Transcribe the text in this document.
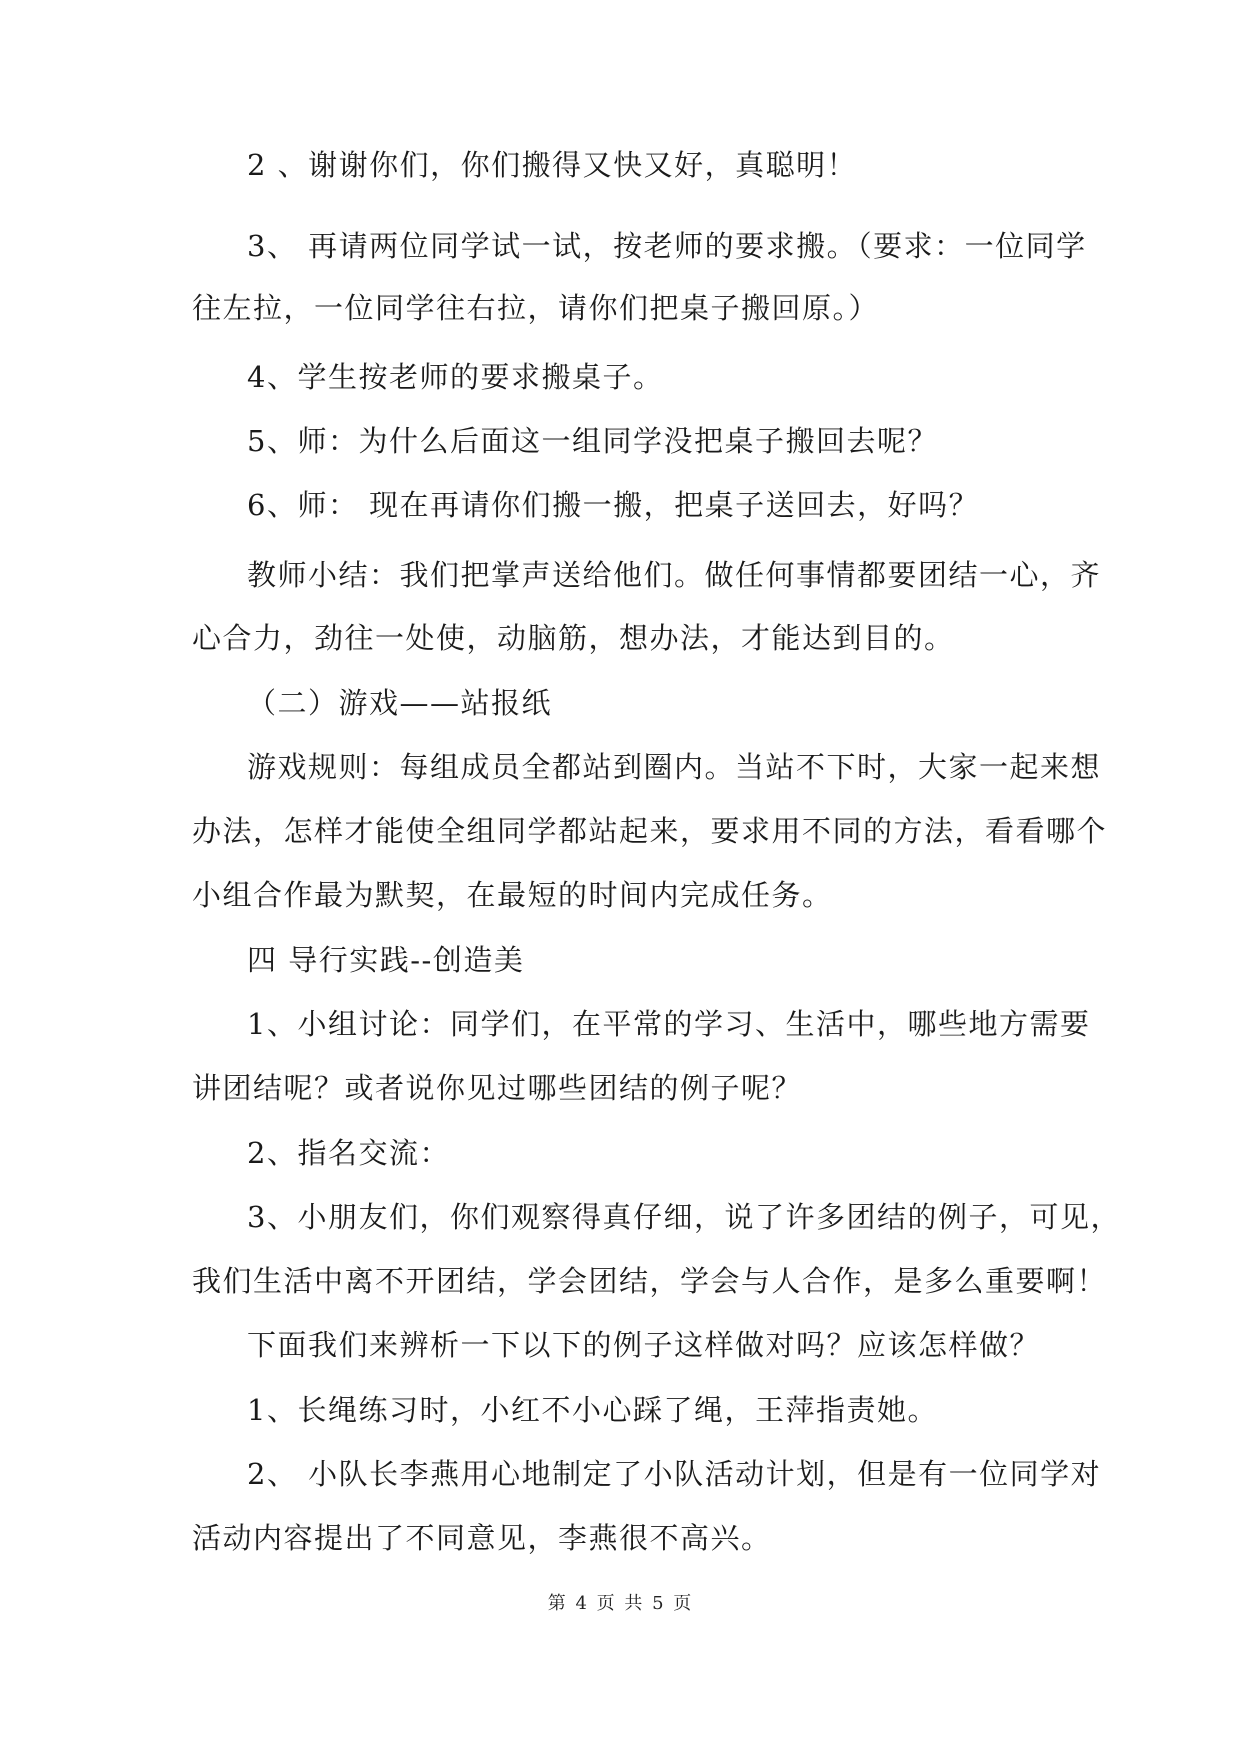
2 、谢谢你们，你们搬得又快又好，真聪明！
3、 再请两位同学试一试，按老师的要求搬。（要求：一位同学
往左拉，一位同学往右拉，请你们把桌子搬回原。）
4、学生按老师的要求搬桌子。
5、师：为什么后面这一组同学没把桌子搬回去呢？
6、师： 现在再请你们搬一搬，把桌子送回去，好吗？
教师小结：我们把掌声送给他们。做任何事情都要团结一心，齐
心合力，劲往一处使，动脑筋，想办法，才能达到目的。
（二）游戏——站报纸
游戏规则：每组成员全都站到圈内。当站不下时，大家一起来想
办法，怎样才能使全组同学都站起来，要求用不同的方法，看看哪个
小组合作最为默契，在最短的时间内完成任务。
四 导行实践--创造美
1、小组讨论：同学们，在平常的学习、生活中，哪些地方需要
讲团结呢？或者说你见过哪些团结的例子呢？
2、指名交流：
3、小朋友们，你们观察得真仔细，说了许多团结的例子，可见，
我们生活中离不开团结，学会团结，学会与人合作，是多么重要啊！
下面我们来辨析一下以下的例子这样做对吗？应该怎样做？
1、长绳练习时，小红不小心踩了绳，王萍指责她。
2、 小队长李燕用心地制定了小队活动计划，但是有一位同学对
活动内容提出了不同意见，李燕很不高兴。
第 4 页 共 5 页
